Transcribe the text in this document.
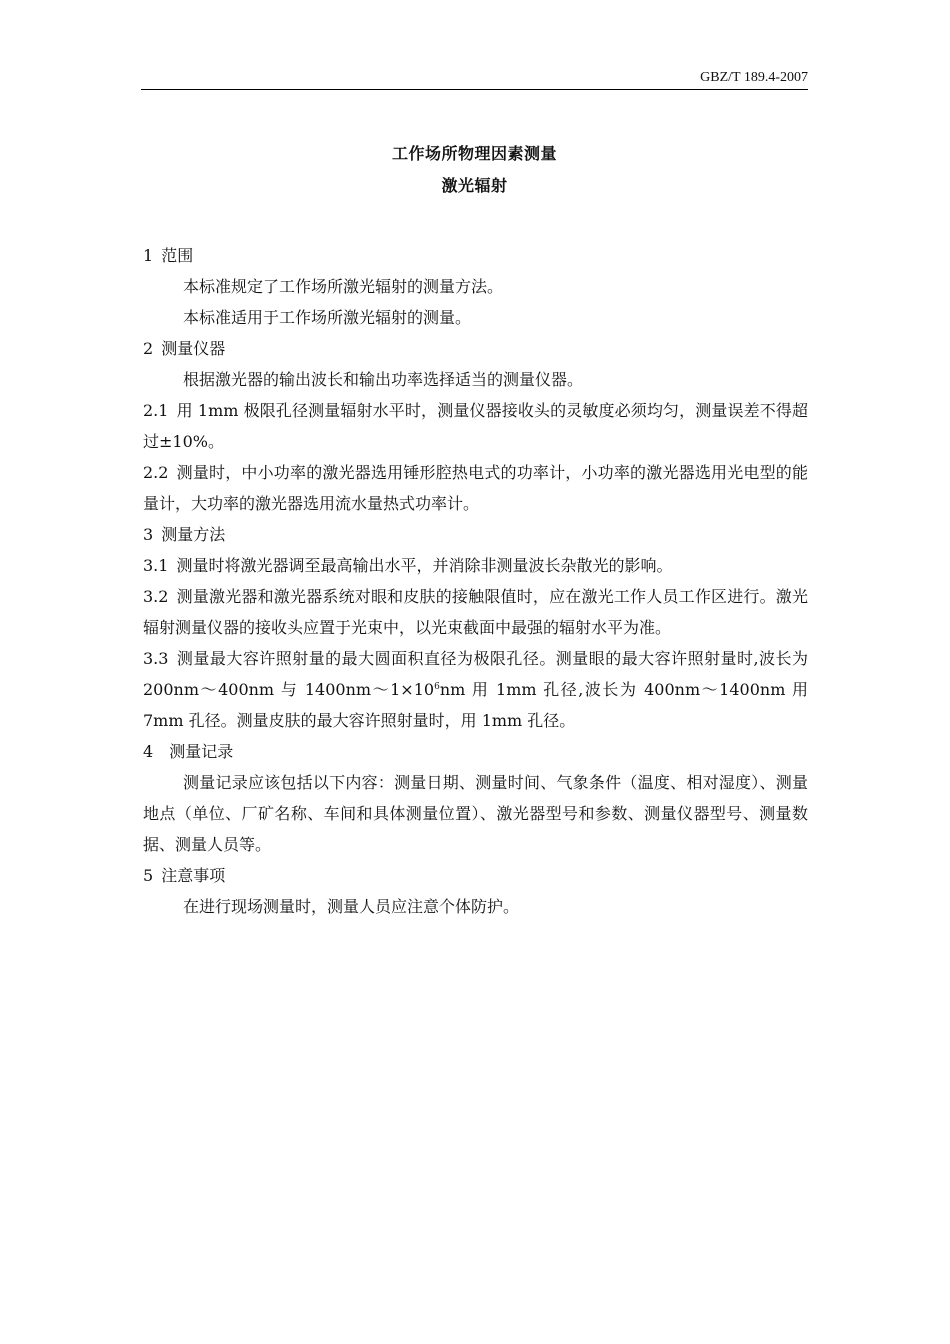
GBZ/T 189.4-2007
工作场所物理因素测量
激光辐射
1 范围
本标准规定了工作场所激光辐射的测量方法。
本标准适用于工作场所激光辐射的测量。
2 测量仪器
根据激光器的输出波长和输出功率选择适当的测量仪器。
2.1 用 1mm 极限孔径测量辐射水平时，测量仪器接收头的灵敏度必须均匀，测量误差不得超过±10%。
2.2 测量时，中小功率的激光器选用锤形腔热电式的功率计，小功率的激光器选用光电型的能量计，大功率的激光器选用流水量热式功率计。
3 测量方法
3.1 测量时将激光器调至最高输出水平，并消除非测量波长杂散光的影响。
3.2 测量激光器和激光器系统对眼和皮肤的接触限值时，应在激光工作人员工作区进行。激光辐射测量仪器的接收头应置于光束中，以光束截面中最强的辐射水平为准。
3.3 测量最大容许照射量的最大圆面积直径为极限孔径。测量眼的最大容许照射量时,波长为 200nm～400nm 与 $1400nm\sim 1\times 10^6nm$ 用 1mm 孔径,波长为 400nm～1400nm 用 7mm 孔径。测量皮肤的最大容许照射量时，用 1mm 孔径。
4 测量记录
测量记录应该包括以下内容：测量日期、测量时间、气象条件（温度、相对湿度）、测量地点（单位、厂矿名称、车间和具体测量位置）、激光器型号和参数、测量仪器型号、测量数据、测量人员等。
5 注意事项
在进行现场测量时，测量人员应注意个体防护。
